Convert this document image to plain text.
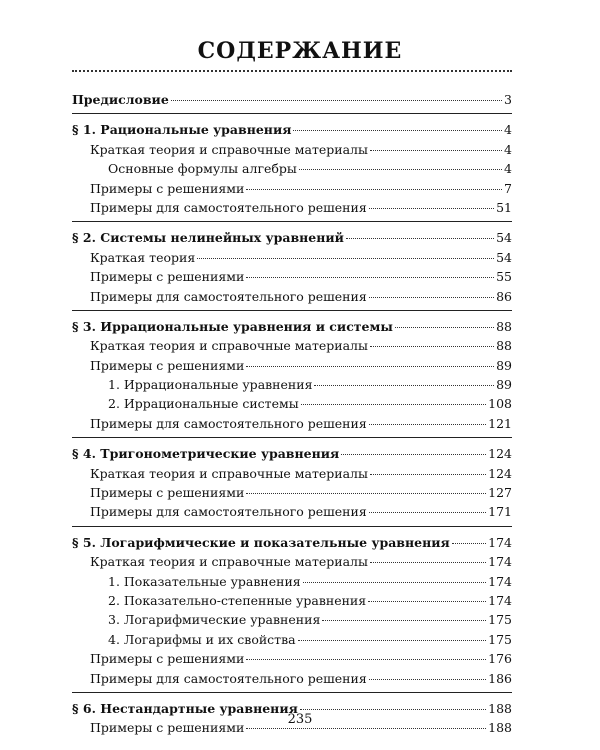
СОДЕРЖАНИЕ
Предисловие	3
§ 1. Рациональные уравнения	4
Краткая теория и справочные материалы	4
Основные формулы алгебры	4
Примеры с решениями	7
Примеры для самостоятельного решения	51
§ 2. Системы нелинейных уравнений	54
Краткая теория	54
Примеры с решениями	55
Примеры для самостоятельного решения	86
§ 3. Иррациональные уравнения и системы	88
Краткая теория и справочные материалы	88
Примеры с решениями	89
1. Иррациональные уравнения	89
2. Иррациональные системы	108
Примеры для самостоятельного решения	121
§ 4. Тригонометрические уравнения	124
Краткая теория и справочные материалы	124
Примеры с решениями	127
Примеры для самостоятельного решения	171
§ 5. Логарифмические и показательные уравнения	174
Краткая теория и справочные материалы	174
1. Показательные уравнения	174
2. Показательно-степенные уравнения	174
3. Логарифмические уравнения	175
4. Логарифмы и их свойства	175
Примеры с решениями	176
Примеры для самостоятельного решения	186
§ 6. Нестандартные уравнения	188
Примеры с решениями	188
235
